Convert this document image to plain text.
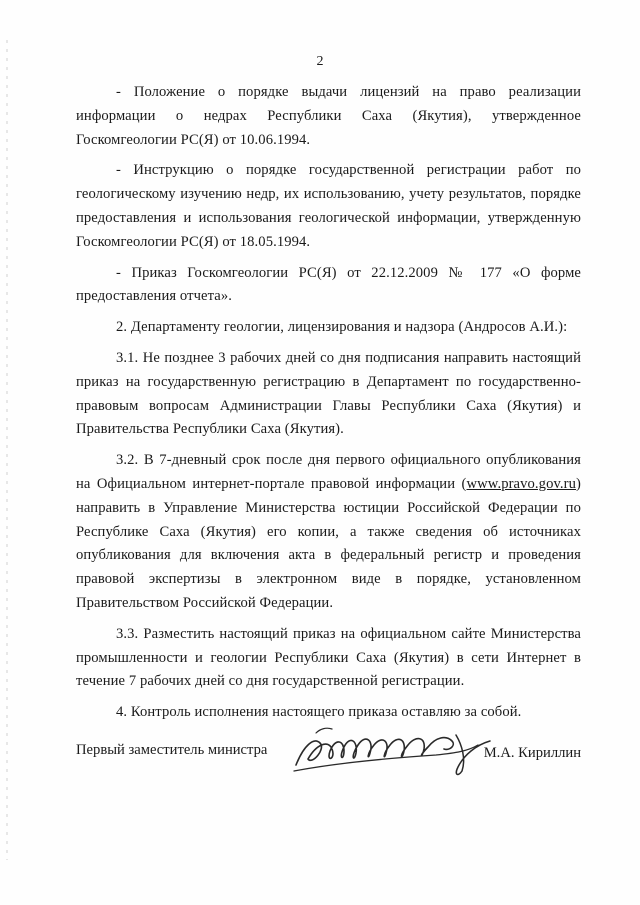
2

- Положение о порядке выдачи лицензий на право реализации информации о недрах Республики Саха (Якутия), утвержденное Госкомгеологии РС(Я) от 10.06.1994.

- Инструкцию о порядке государственной регистрации работ по геологическому изучению недр, их использованию, учету результатов, порядке предоставления и использования геологической информации, утвержденную Госкомгеологии РС(Я) от 18.05.1994.

- Приказ Госкомгеологии РС(Я) от 22.12.2009 № 177 «О форме предоставления отчета».

2. Департаменту геологии, лицензирования и надзора (Андросов А.И.):

3.1. Не позднее 3 рабочих дней со дня подписания направить настоящий приказ на государственную регистрацию в Департамент по государственно-правовым вопросам Администрации Главы Республики Саха (Якутия) и Правительства Республики Саха (Якутия).

3.2. В 7-дневный срок после дня первого официального опубликования на Официальном интернет-портале правовой информации (www.pravo.gov.ru) направить в Управление Министерства юстиции Российской Федерации по Республике Саха (Якутия) его копии, а также сведения об источниках опубликования для включения акта в федеральный регистр и проведения правовой экспертизы в электронном виде в порядке, установленном Правительством Российской Федерации.

3.3. Разместить настоящий приказ на официальном сайте Министерства промышленности и геологии Республики Саха (Якутия) в сети Интернет в течение 7 рабочих дней со дня государственной регистрации.

4. Контроль исполнения настоящего приказа оставляю за собой.

Первый заместитель министра	М.А. Кириллин
